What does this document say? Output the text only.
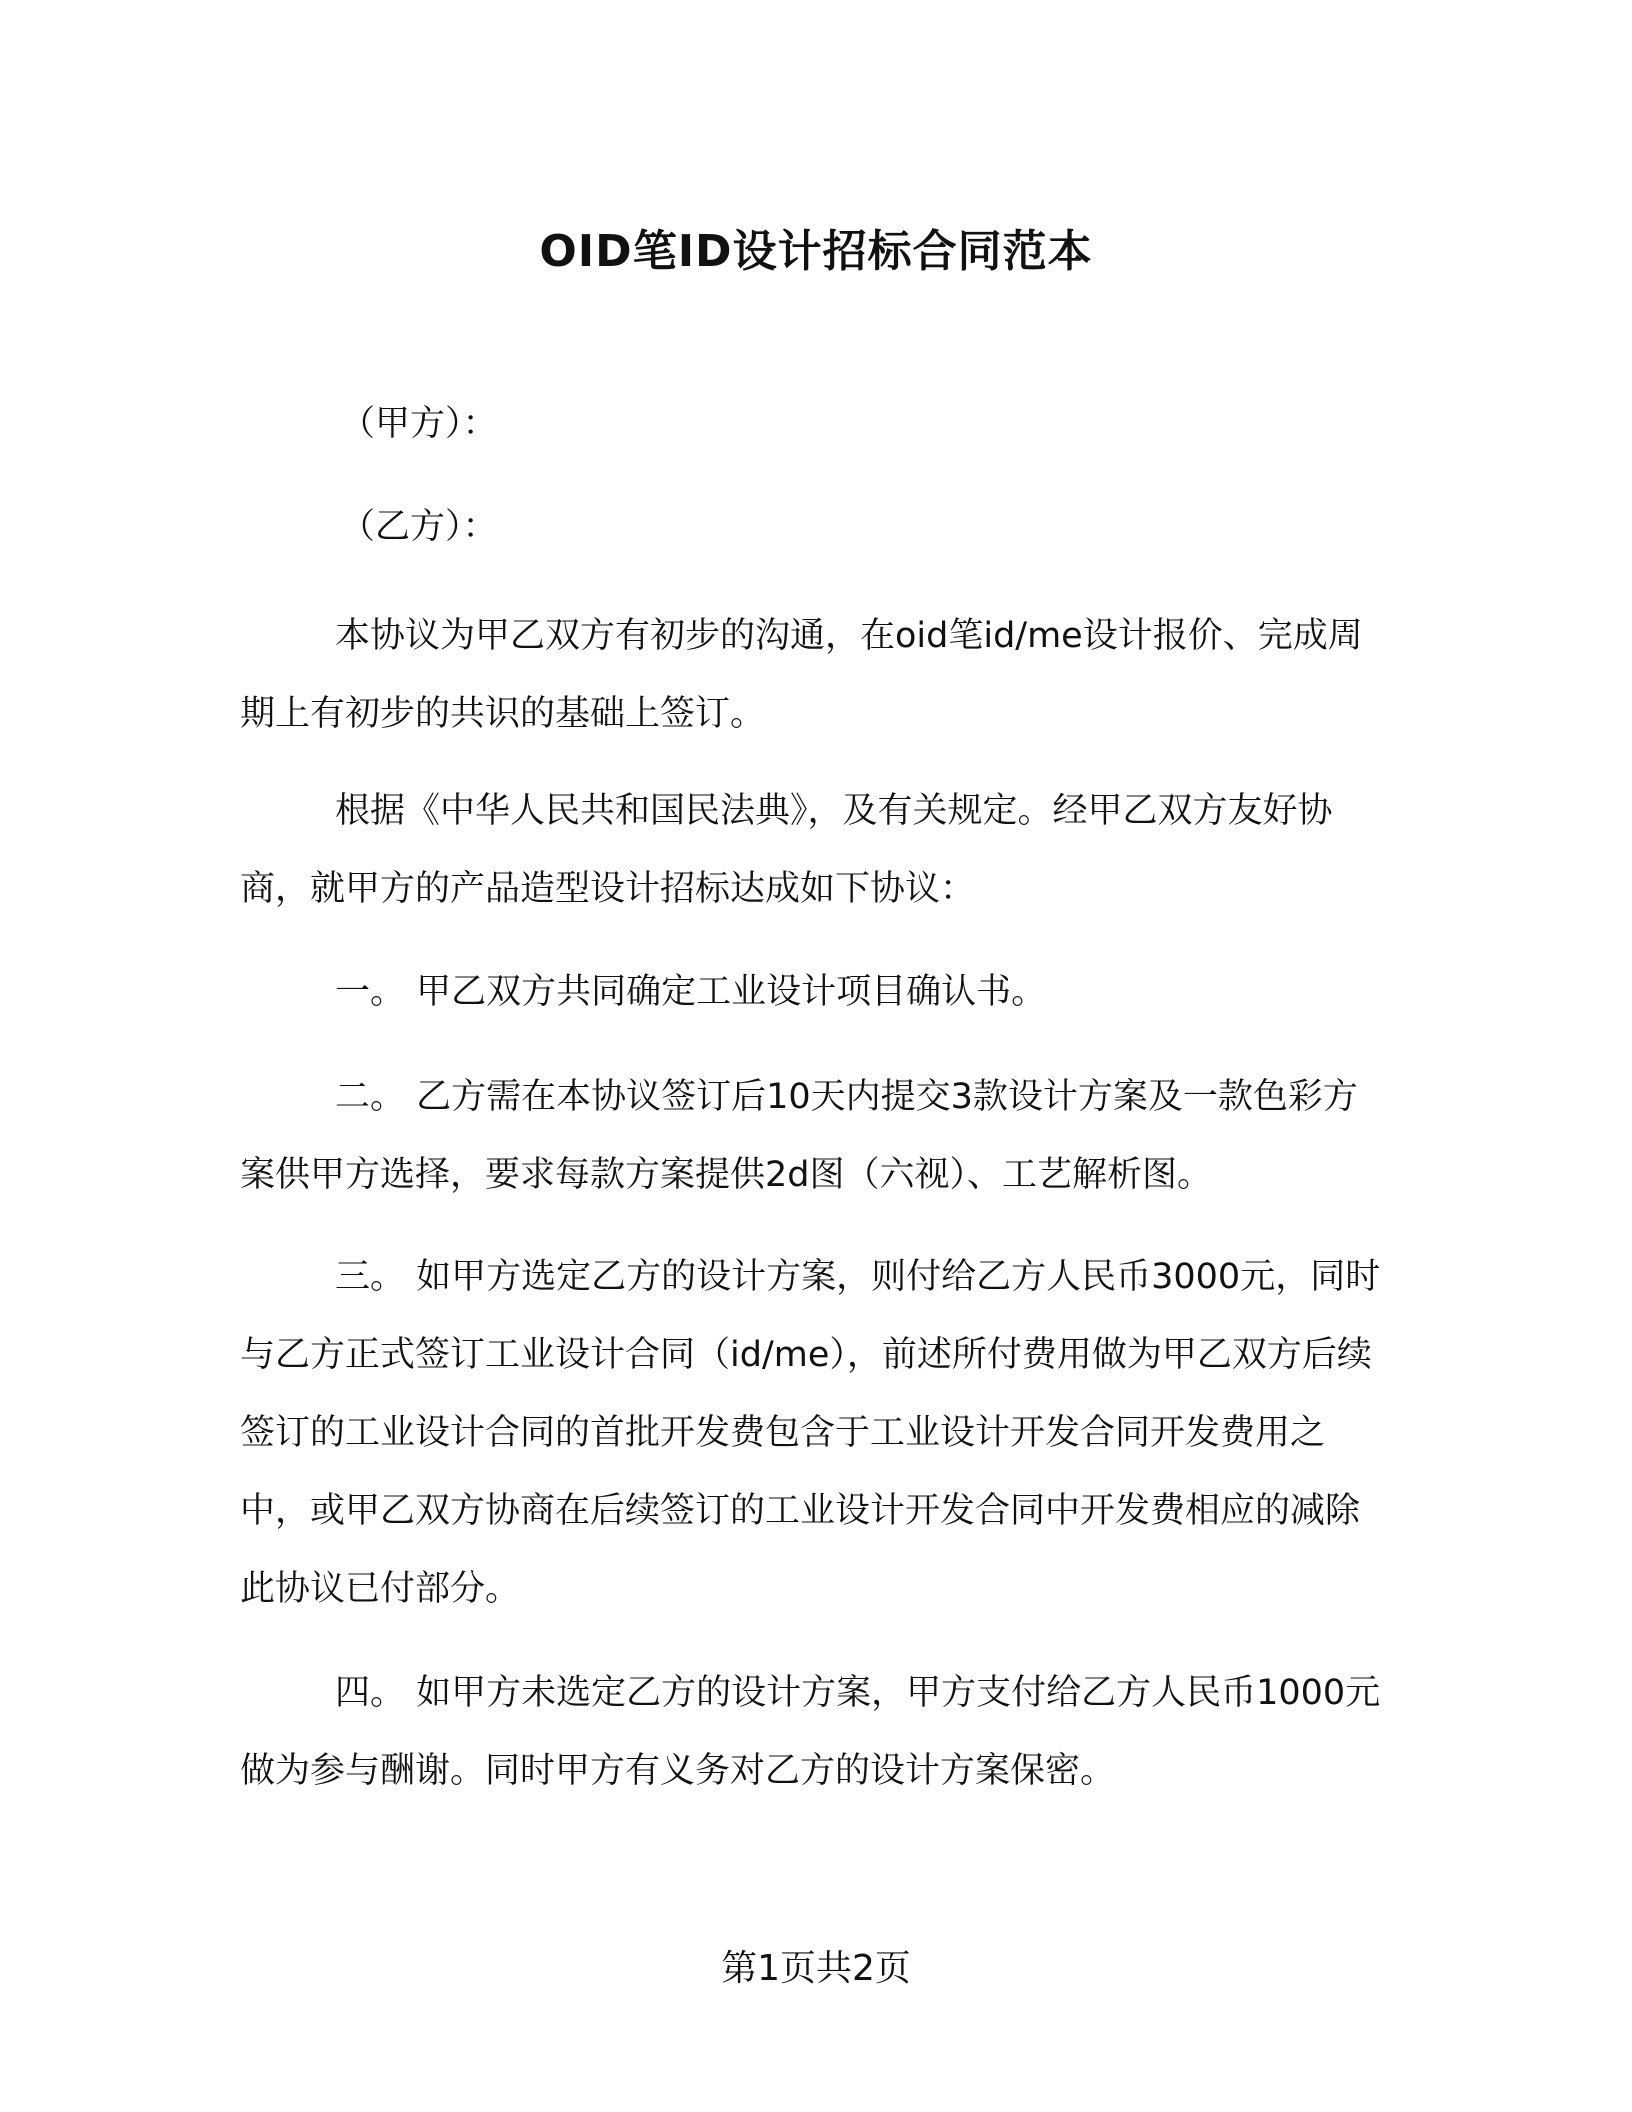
OID笔ID设计招标合同范本
（甲方）：
（乙方）：

本协议为甲乙双方有初步的沟通，在oid笔id/me设计报价、完成周期上有初步的共识的基础上签订。

根据《中华人民共和国民法典》，及有关规定。经甲乙双方友好协商，就甲方的产品造型设计招标达成如下协议：

一。 甲乙双方共同确定工业设计项目确认书。

二。 乙方需在本协议签订后10天内提交3款设计方案及一款色彩方案供甲方选择，要求每款方案提供2d图（六视）、工艺解析图。

三。 如甲方选定乙方的设计方案，则付给乙方人民币3000元，同时与乙方正式签订工业设计合同（id/me），前述所付费用做为甲乙双方后续签订的工业设计合同的首批开发费包含于工业设计开发合同开发费用之中，或甲乙双方协商在后续签订的工业设计开发合同中开发费相应的减除此协议已付部分。

四。 如甲方未选定乙方的设计方案，甲方支付给乙方人民币1000元做为参与酬谢。同时甲方有义务对乙方的设计方案保密。

第1页共2页
